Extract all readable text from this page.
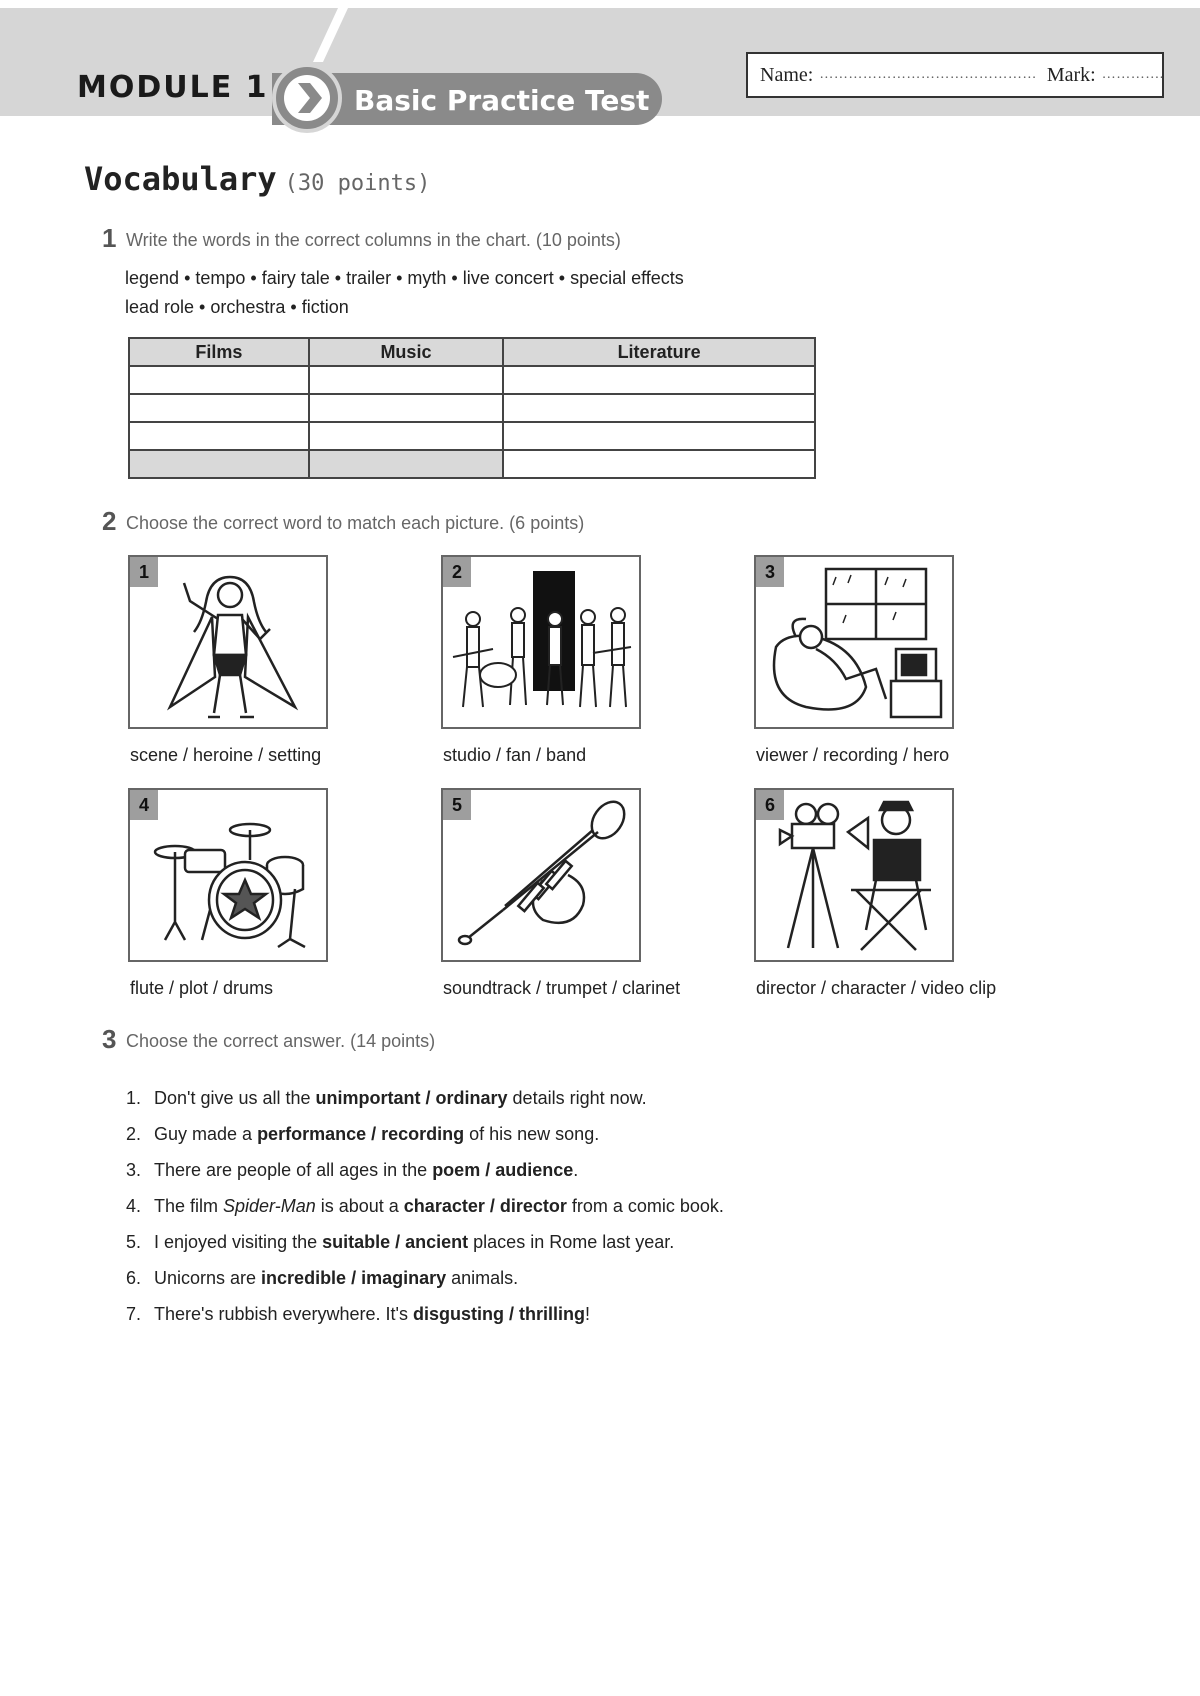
MODULE 1	Basic Practice Test
Name: ……………………………………… Mark: ………….
Vocabulary (30 points)
1 Write the words in the correct columns in the chart. (10 points)
legend • tempo • fairy tale • trailer • myth • live concert • special effects
lead role • orchestra • fiction
Films	Music	Literature

2 Choose the correct word to match each picture. (6 points)
1	2	3
4	5	6
scene / heroine / setting	studio / fan / band	viewer / recording / hero
flute / plot / drums	soundtrack / trumpet / clarinet	director / character / video clip
3 Choose the correct answer. (14 points)
1. Don't give us all the unimportant / ordinary details right now.
2. Guy made a performance / recording of his new song.
3. There are people of all ages in the poem / audience.
4. The film Spider-Man is about a character / director from a comic book.
5. I enjoyed visiting the suitable / ancient places in Rome last year.
6. Unicorns are incredible / imaginary animals.
7. There's rubbish everywhere. It's disgusting / thrilling!
